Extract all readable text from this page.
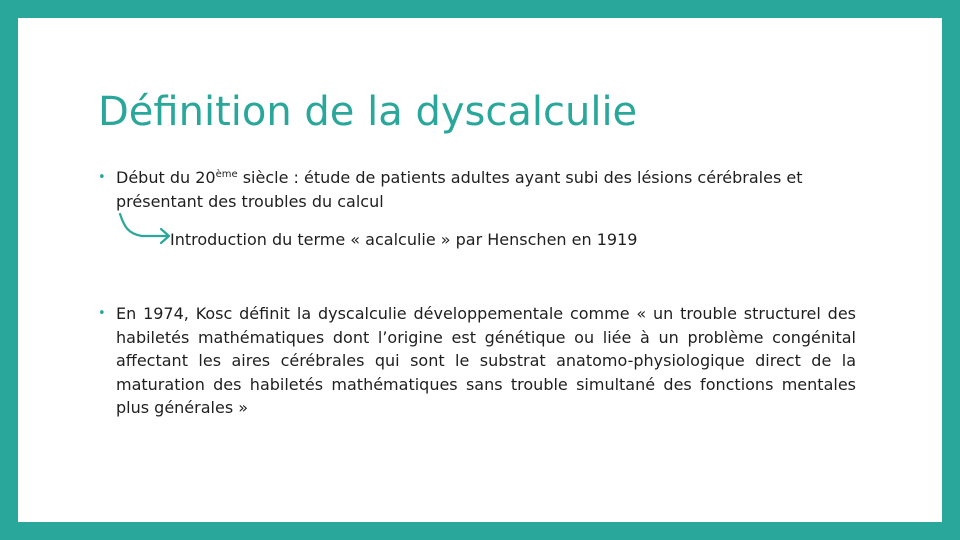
Définition de la dyscalculie
• Début du 20ème siècle : étude de patients adultes ayant subi des lésions cérébrales et présentant des troubles du calcul
Introduction du terme « acalculie » par Henschen en 1919
• En 1974, Kosc définit la dyscalculie développementale comme « un trouble structurel des habiletés mathématiques dont l’origine est génétique ou liée à un problème congénital affectant les aires cérébrales qui sont le substrat anatomo-physiologique direct de la maturation des habiletés mathématiques sans trouble simultané des fonctions mentales plus générales »
